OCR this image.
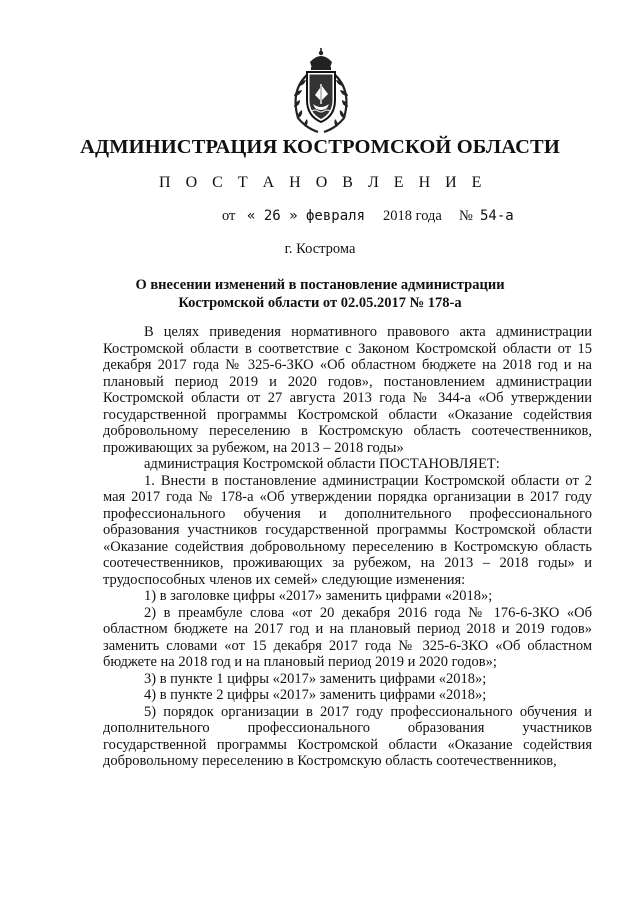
АДМИНИСТРАЦИЯ КОСТРОМСКОЙ ОБЛАСТИ
П О С Т А Н О В Л Е Н И Е
от « 26 » февраля 2018 года № 54-а
г. Кострома
О внесении изменений в постановление администрации
Костромской области от 02.05.2017 № 178-а

В целях приведения нормативного правового акта администрации Костромской области в соответствие с Законом Костромской области от 15 декабря 2017 года № 325-6-ЗКО «Об областном бюджете на 2018 год и на плановый период 2019 и 2020 годов», постановлением администрации Костромской области от 27 августа 2013 года № 344-а «Об утверждении государственной программы Костромской области «Оказание содействия добровольному переселению в Костромскую область соотечественников, проживающих за рубежом, на 2013 – 2018 годы»

администрация Костромской области ПОСТАНОВЛЯЕТ:

1. Внести в постановление администрации Костромской области от 2 мая 2017 года № 178-а «Об утверждении порядка организации в 2017 году профессионального обучения и дополнительного профессионального образования участников государственной программы Костромской области «Оказание содействия добровольному переселению в Костромскую область соотечественников, проживающих за рубежом, на 2013 – 2018 годы» и трудоспособных членов их семей» следующие изменения:

1) в заголовке цифры «2017» заменить цифрами «2018»;

2) в преамбуле слова «от 20 декабря 2016 года № 176-6-ЗКО «Об областном бюджете на 2017 год и на плановый период 2018 и 2019 годов» заменить словами «от 15 декабря 2017 года № 325-6-ЗКО «Об областном бюджете на 2018 год и на плановый период 2019 и 2020 годов»;

3) в пункте 1 цифры «2017» заменить цифрами «2018»;

4) в пункте 2 цифры «2017» заменить цифрами «2018»;

5) порядок организации в 2017 году профессионального обучения и дополнительного профессионального образования участников государственной программы Костромской области «Оказание содействия добровольному переселению в Костромскую область соотечественников,
